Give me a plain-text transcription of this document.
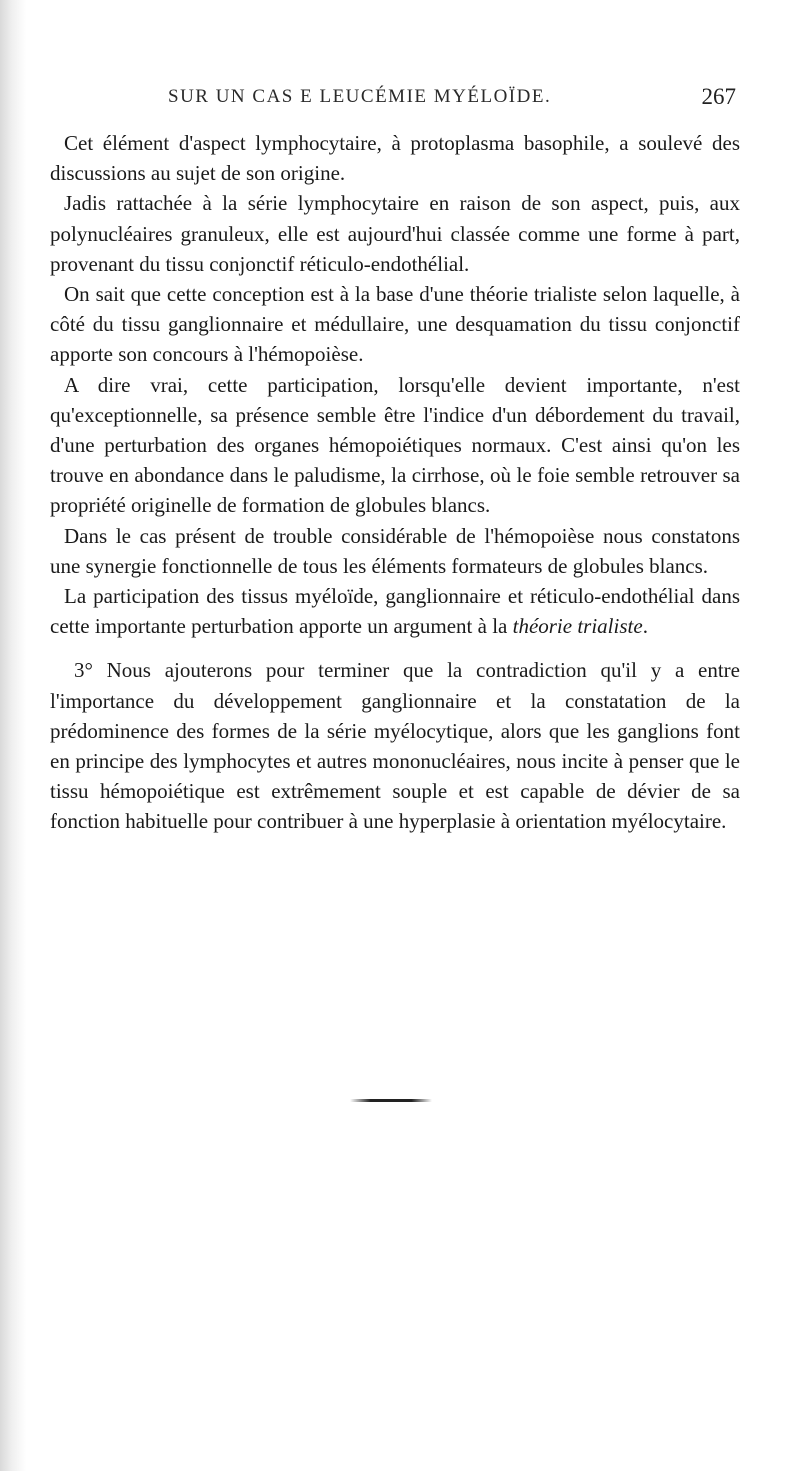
SUR UN CAS E LEUCÉMIE MYÉLOÏDE.	267

Cet élément d'aspect lymphocytaire, à protoplasma basophile, a soulevé des discussions au sujet de son origine.

Jadis rattachée à la série lymphocytaire en raison de son aspect, puis, aux polynucléaires granuleux, elle est aujourd'hui classée comme une forme à part, provenant du tissu conjonctif réticulo-endothélial.

On sait que cette conception est à la base d'une théorie trialiste selon laquelle, à côté du tissu ganglionnaire et médullaire, une desquamation du tissu conjonctif apporte son concours à l'hémopoièse.

A dire vrai, cette participation, lorsqu'elle devient importante, n'est qu'exceptionnelle, sa présence semble être l'indice d'un débordement du travail, d'une perturbation des organes hémopoiétiques normaux. C'est ainsi qu'on les trouve en abondance dans le paludisme, la cirrhose, où le foie semble retrouver sa propriété originelle de formation de globules blancs.

Dans le cas présent de trouble considérable de l'hémopoièse nous constatons une synergie fonctionnelle de tous les éléments formateurs de globules blancs.

La participation des tissus myéloïde, ganglionnaire et réticulo-endothélial dans cette importante perturbation apporte un argument à la théorie trialiste.

3° Nous ajouterons pour terminer que la contradiction qu'il y a entre l'importance du développement ganglionnaire et la constatation de la prédominence des formes de la série myélocytique, alors que les ganglions font en principe des lymphocytes et autres mononucléaires, nous incite à penser que le tissu hémopoiétique est extrêmement souple et est capable de dévier de sa fonction habituelle pour contribuer à une hyperplasie à orientation myélocytaire.
